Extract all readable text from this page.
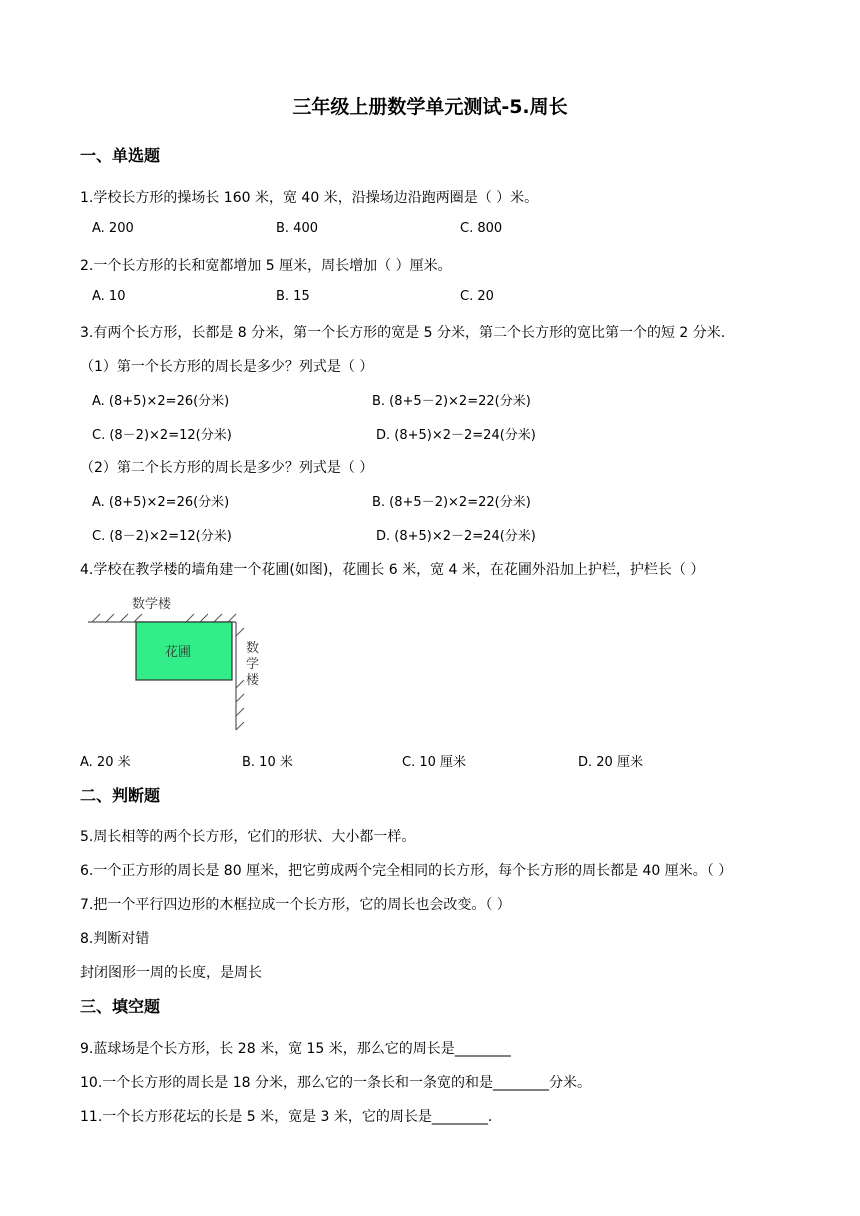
三年级上册数学单元测试-5.周长
一、单选题
1.学校长方形的操场长 160 米，宽 40 米，沿操场边沿跑两圈是（ ）米。
A. 200	B. 400	C. 800
2.一个长方形的长和宽都增加 5 厘米，周长增加（ ）厘米。
A. 10	B. 15	C. 20
3.有两个长方形，长都是 8 分米，第一个长方形的宽是 5 分米，第二个长方形的宽比第一个的短 2 分米.
（1）第一个长方形的周长是多少？列式是（ ）
A. (8+5)×2=26(分米)	B. (8+5－2)×2=22(分米)
C. (8－2)×2=12(分米)	D. (8+5)×2－2=24(分米)
（2）第二个长方形的周长是多少？列式是（ ）
A. (8+5)×2=26(分米)	B. (8+5－2)×2=22(分米)
C. (8－2)×2=12(分米)	D. (8+5)×2－2=24(分米)
4.学校在教学楼的墙角建一个花圃(如图)，花圃长 6 米，宽 4 米，在花圃外沿加上护栏，护栏长（ ）
花圃
数学楼
数
学
楼
A. 20 米	B. 10 米	C. 10 厘米	D. 20 厘米
二、判断题
5.周长相等的两个长方形，它们的形状、大小都一样。
6.一个正方形的周长是 80 厘米，把它剪成两个完全相同的长方形，每个长方形的周长都是 40 厘米。（ ）
7.把一个平行四边形的木框拉成一个长方形，它的周长也会改变。（ ）
8.判断对错
封闭图形一周的长度，是周长
三、填空题
9.蓝球场是个长方形，长 28 米，宽 15 米，那么它的周长是________
10.一个长方形的周长是 18 分米，那么它的一条长和一条宽的和是________分米。
11.一个长方形花坛的长是 5 米，宽是 3 米，它的周长是________.
